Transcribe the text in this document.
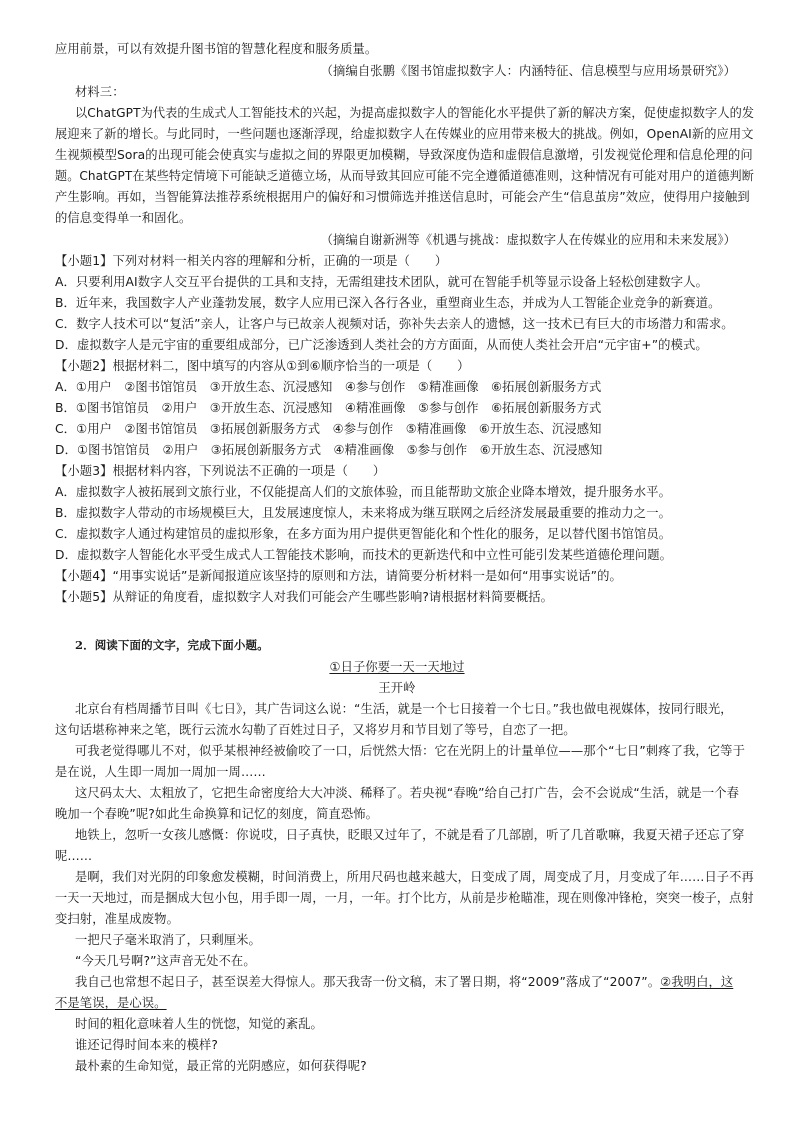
应用前景，可以有效提升图书馆的智慧化程度和服务质量。
（摘编自张鹏《图书馆虚拟数字人：内涵特征、信息模型与应用场景研究》）
材料三：
以ChatGPT为代表的生成式人工智能技术的兴起，为提高虚拟数字人的智能化水平提供了新的解决方案，促使虚拟数字人的发
展迎来了新的增长。与此同时，一些问题也逐渐浮现，给虚拟数字人在传媒业的应用带来极大的挑战。例如，OpenAI新的应用文
生视频模型Sora的出现可能会使真实与虚拟之间的界限更加模糊，导致深度伪造和虚假信息激增，引发视觉伦理和信息伦理的问
题。ChatGPT在某些特定情境下可能缺乏道德立场，从而导致其回应可能不完全遵循道德准则，这种情况有可能对用户的道德判断
产生影响。再如，当智能算法推荐系统根据用户的偏好和习惯筛选并推送信息时，可能会产生“信息茧房”效应，使得用户接触到
的信息变得单一和固化。
（摘编自谢新洲等《机遇与挑战：虚拟数字人在传媒业的应用和未来发展》）
【小题1】下列对材料一相关内容的理解和分析，正确的一项是（　　）
A．只要利用AI数字人交互平台提供的工具和支持，无需组建技术团队，就可在智能手机等显示设备上轻松创建数字人。
B．近年来，我国数字人产业蓬勃发展，数字人应用已深入各行各业，重塑商业生态，并成为人工智能企业竞争的新赛道。
C．数字人技术可以“复活”亲人，让客户与已故亲人视频对话，弥补失去亲人的遗憾，这一技术已有巨大的市场潜力和需求。
D．虚拟数字人是元宇宙的重要组成部分，已广泛渗透到人类社会的方方面面，从而使人类社会开启“元宇宙+”的模式。
【小题2】根据材料二，图中填写的内容从①到⑥顺序恰当的一项是（　　）
A．①用户　②图书馆馆员　③开放生态、沉浸感知　④参与创作　⑤精准画像　⑥拓展创新服务方式
B．①图书馆馆员　②用户　③开放生态、沉浸感知　④精准画像　⑤参与创作　⑥拓展创新服务方式
C．①用户　②图书馆馆员　③拓展创新服务方式　④参与创作　⑤精准画像　⑥开放生态、沉浸感知
D．①图书馆馆员　②用户　③拓展创新服务方式　④精准画像　⑤参与创作　⑥开放生态、沉浸感知
【小题3】根据材料内容，下列说法不正确的一项是（　　）
A．虚拟数字人被拓展到文旅行业，不仅能提高人们的文旅体验，而且能帮助文旅企业降本增效，提升服务水平。
B．虚拟数字人带动的市场规模巨大，且发展速度惊人，未来将成为继互联网之后经济发展最重要的推动力之一。
C．虚拟数字人通过构建馆员的虚拟形象，在多方面为用户提供更智能化和个性化的服务，足以替代图书馆馆员。
D．虚拟数字人智能化水平受生成式人工智能技术影响，而技术的更新迭代和中立性可能引发某些道德伦理问题。
【小题4】“用事实说话”是新闻报道应该坚持的原则和方法，请简要分析材料一是如何“用事实说话”的。
【小题5】从辩证的角度看，虚拟数字人对我们可能会产生哪些影响?请根据材料简要概括。
2．阅读下面的文字，完成下面小题。
①日子你要一天一天地过
王开岭
北京台有档周播节目叫《七日》，其广告词这么说：“生活，就是一个七日接着一个七日。”我也做电视媒体，按同行眼光，
这句话堪称神来之笔，既行云流水勾勒了百姓过日子，又将岁月和节目划了等号，自恋了一把。
可我老觉得哪儿不对，似乎某根神经被偷咬了一口，后恍然大悟：它在光阴上的计量单位——那个“七日”刺疼了我，它等于
是在说，人生即一周加一周加一周……
这尺码太大、太粗放了，它把生命密度给大大冲淡、稀释了。若央视“春晚”给自己打广告，会不会说成“生活，就是一个春
晚加一个春晚”呢?如此生命换算和记忆的刻度，简直恐怖。
地铁上，忽听一女孩儿感慨：你说哎，日子真快，眨眼又过年了，不就是看了几部剧，听了几首歌嘛，我夏天裙子还忘了穿
呢……
是啊，我们对光阴的印象愈发模糊，时间消费上，所用尺码也越来越大，日变成了周，周变成了月，月变成了年……日子不再
一天一天地过，而是捆成大包小包，用手即一周，一月，一年。打个比方，从前是步枪瞄准，现在则像冲锋枪，突突一梭子，点射
变扫射，准星成废物。
一把尺子毫米取消了，只剩厘米。
“今天几号啊?”这声音无处不在。
我自己也常想不起日子，甚至误差大得惊人。那天我寄一份文稿，末了署日期，将“2009”落成了“2007”。②我明白，这
不是笔误，是心误。
时间的粗化意味着人生的恍惚，知觉的紊乱。
谁还记得时间本来的模样?
最朴素的生命知觉，最正常的光阴感应，如何获得呢?
